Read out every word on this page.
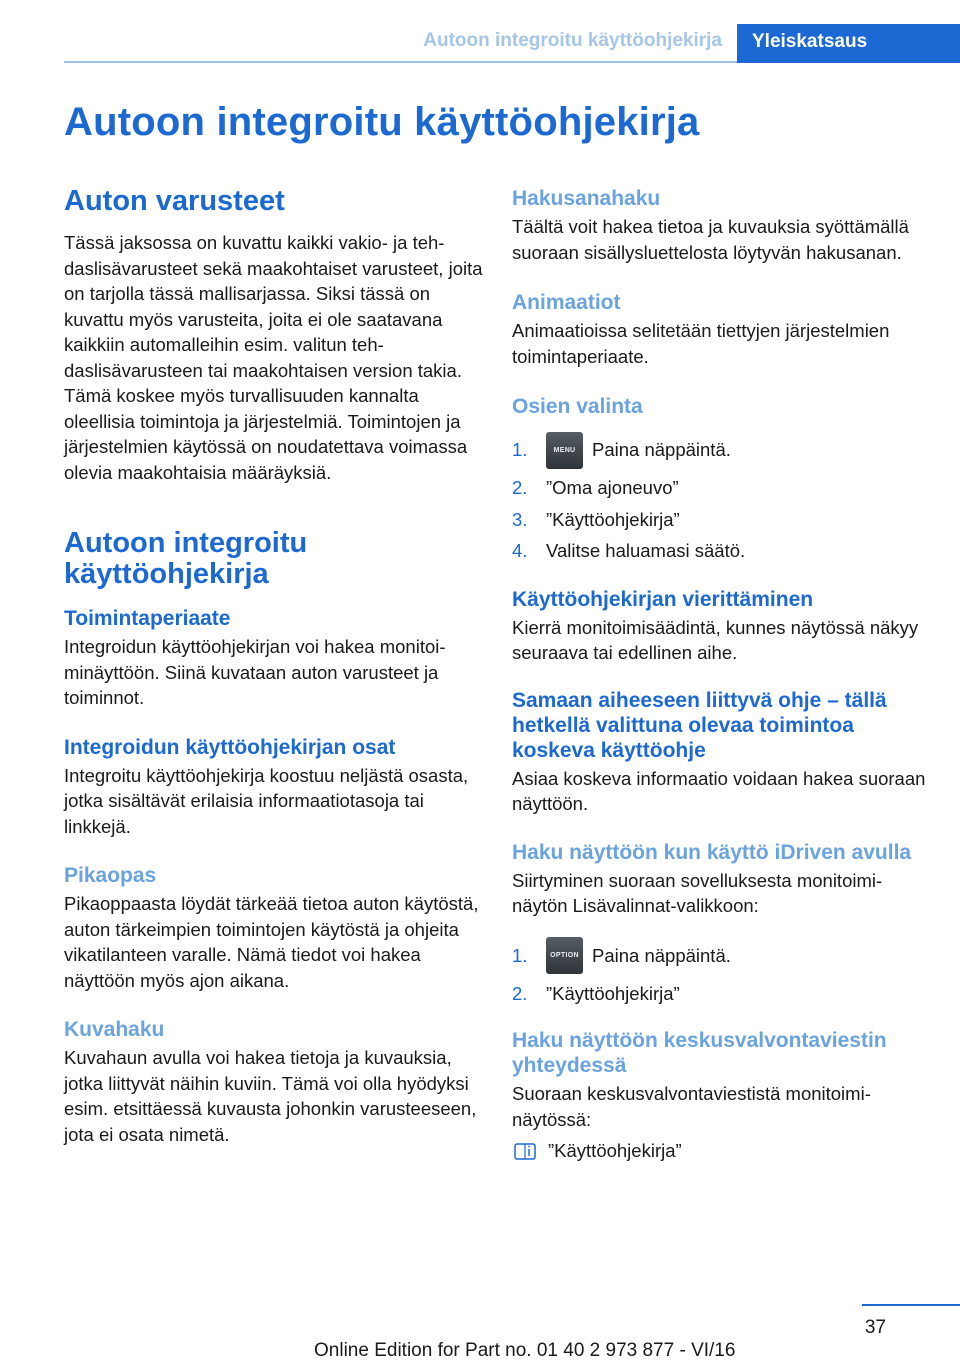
Autoon integroitu käyttöohjekirja Yleiskatsaus
Autoon integroitu käyttöohjekirja
Auton varusteet

Tässä jaksossa on kuvattu kaikki vakio- ja tehdaslisävarusteet sekä maakohtaiset varusteet, joita on tarjolla tässä mallisarjassa. Siksi tässä on kuvattu myös varusteita, joita ei ole saatavana kaikkiin automalleihin esim. valitun tehdaslisävarusteen tai maakohtaisen version takia. Tämä koskee myös turvallisuuden kannalta oleellisia toimintoja ja järjestelmiä. Toimintojen ja järjestelmien käytössä on noudatettava voimassa olevia maakohtaisia määräyksiä.

Autoon integroitu käyttöohjekirja
Toimintaperiaate

Integroidun käyttöohjekirjan voi hakea monitoiminäyttöön. Siinä kuvataan auton varusteet ja toiminnot.

Integroidun käyttöohjekirjan osat

Integroitu käyttöohjekirja koostuu neljästä osasta, jotka sisältävät erilaisia informaatiotasoja tai linkkejä.

Pikaopas

Pikaoppaasta löydät tärkeää tietoa auton käytöstä, auton tärkeimpien toimintojen käytöstä ja ohjeita vikatilanteen varalle. Nämä tiedot voi hakea näyttöön myös ajon aikana.

Kuvahaku

Kuvahaun avulla voi hakea tietoja ja kuvauksia, jotka liittyvät näihin kuviin. Tämä voi olla hyödyksi esim. etsittäessä kuvausta johonkin varusteeseen, jota ei osata nimetä.

Hakusanahaku

Täältä voit hakea tietoa ja kuvauksia syöttämällä suoraan sisällysluettelosta löytyvän hakusanan.

Animaatiot

Animaatioissa selitetään tiettyjen järjestelmien toimintaperiaate.

Osien valinta
1.	MENU Paina näppäintä.
2. ”Oma ajoneuvo”
3. ”Käyttöohjekirja”
4. Valitse haluamasi säätö.
Käyttöohjekirjan vierittäminen

Kierrä monitoimisäädintä, kunnes näytössä näkyy seuraava tai edellinen aihe.

Samaan aiheeseen liittyvä ohje – tällä hetkellä valittuna olevaa toimintoa koskeva käyttöohje

Asiaa koskeva informaatio voidaan hakea suoraan näyttöön.

Haku näyttöön kun käyttö iDriven avulla

Siirtyminen suoraan sovelluksesta monitoiminäytön Lisävalinnat-valikkoon:

1.	OPTION Paina näppäintä.
2. ”Käyttöohjekirja”
Haku näyttöön keskusvalvontaviestin yhteydessä

Suoraan keskusvalvontaviestistä monitoiminäytössä:

”Käyttöohjekirja”
37
Online Edition for Part no. 01 40 2 973 877 - VI/16
